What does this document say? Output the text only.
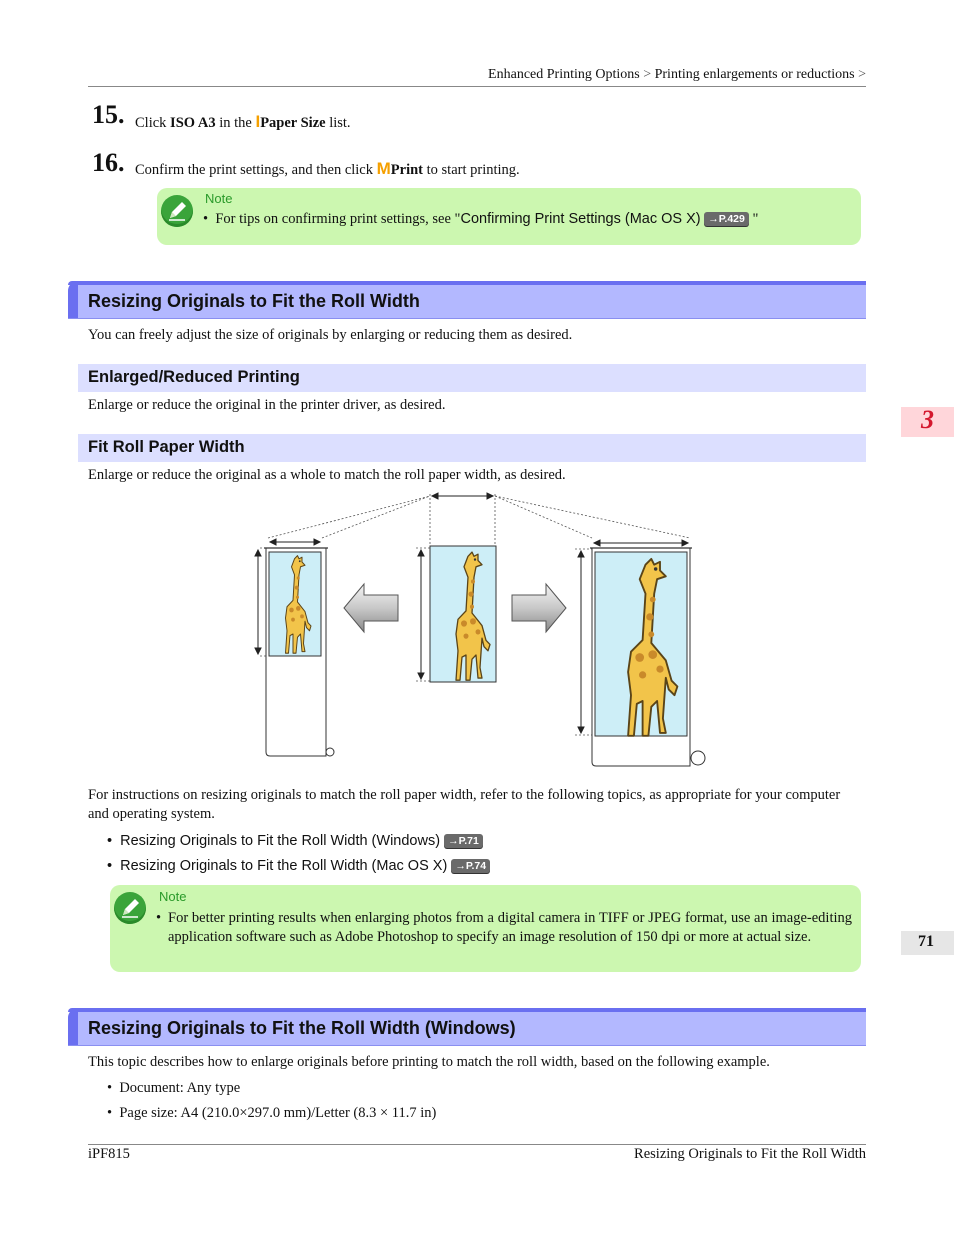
Enhanced Printing Options > Printing enlargements or reductions >
15. Click ISO A3 in the IPaper Size list.
16. Confirm the print settings, and then click MPrint to start printing.
Note
• For tips on confirming print settings, see "Confirming Print Settings (Mac OS X) →P.429 "
Resizing Originals to Fit the Roll Width
You can freely adjust the size of originals by enlarging or reducing them as desired.
Enlarged/Reduced Printing
Enlarge or reduce the original in the printer driver, as desired.
Fit Roll Paper Width
Enlarge or reduce the original as a whole to match the roll paper width, as desired.
For instructions on resizing originals to match the roll paper width, refer to the following topics, as appropriate for your computer and operating system.
•  Resizing Originals to Fit the Roll Width (Windows) →P.71
•  Resizing Originals to Fit the Roll Width (Mac OS X) →P.74
Note
• For better printing results when enlarging photos from a digital camera in TIFF or JPEG format, use an image-editing application software such as Adobe Photoshop to specify an image resolution of 150 dpi or more at actual size.
Resizing Originals to Fit the Roll Width (Windows)
This topic describes how to enlarge originals before printing to match the roll width, based on the following example.
•  Document: Any type
•  Page size: A4 (210.0×297.0 mm)/Letter (8.3 × 11.7 in)
3
71
iPF815	Resizing Originals to Fit the Roll Width
